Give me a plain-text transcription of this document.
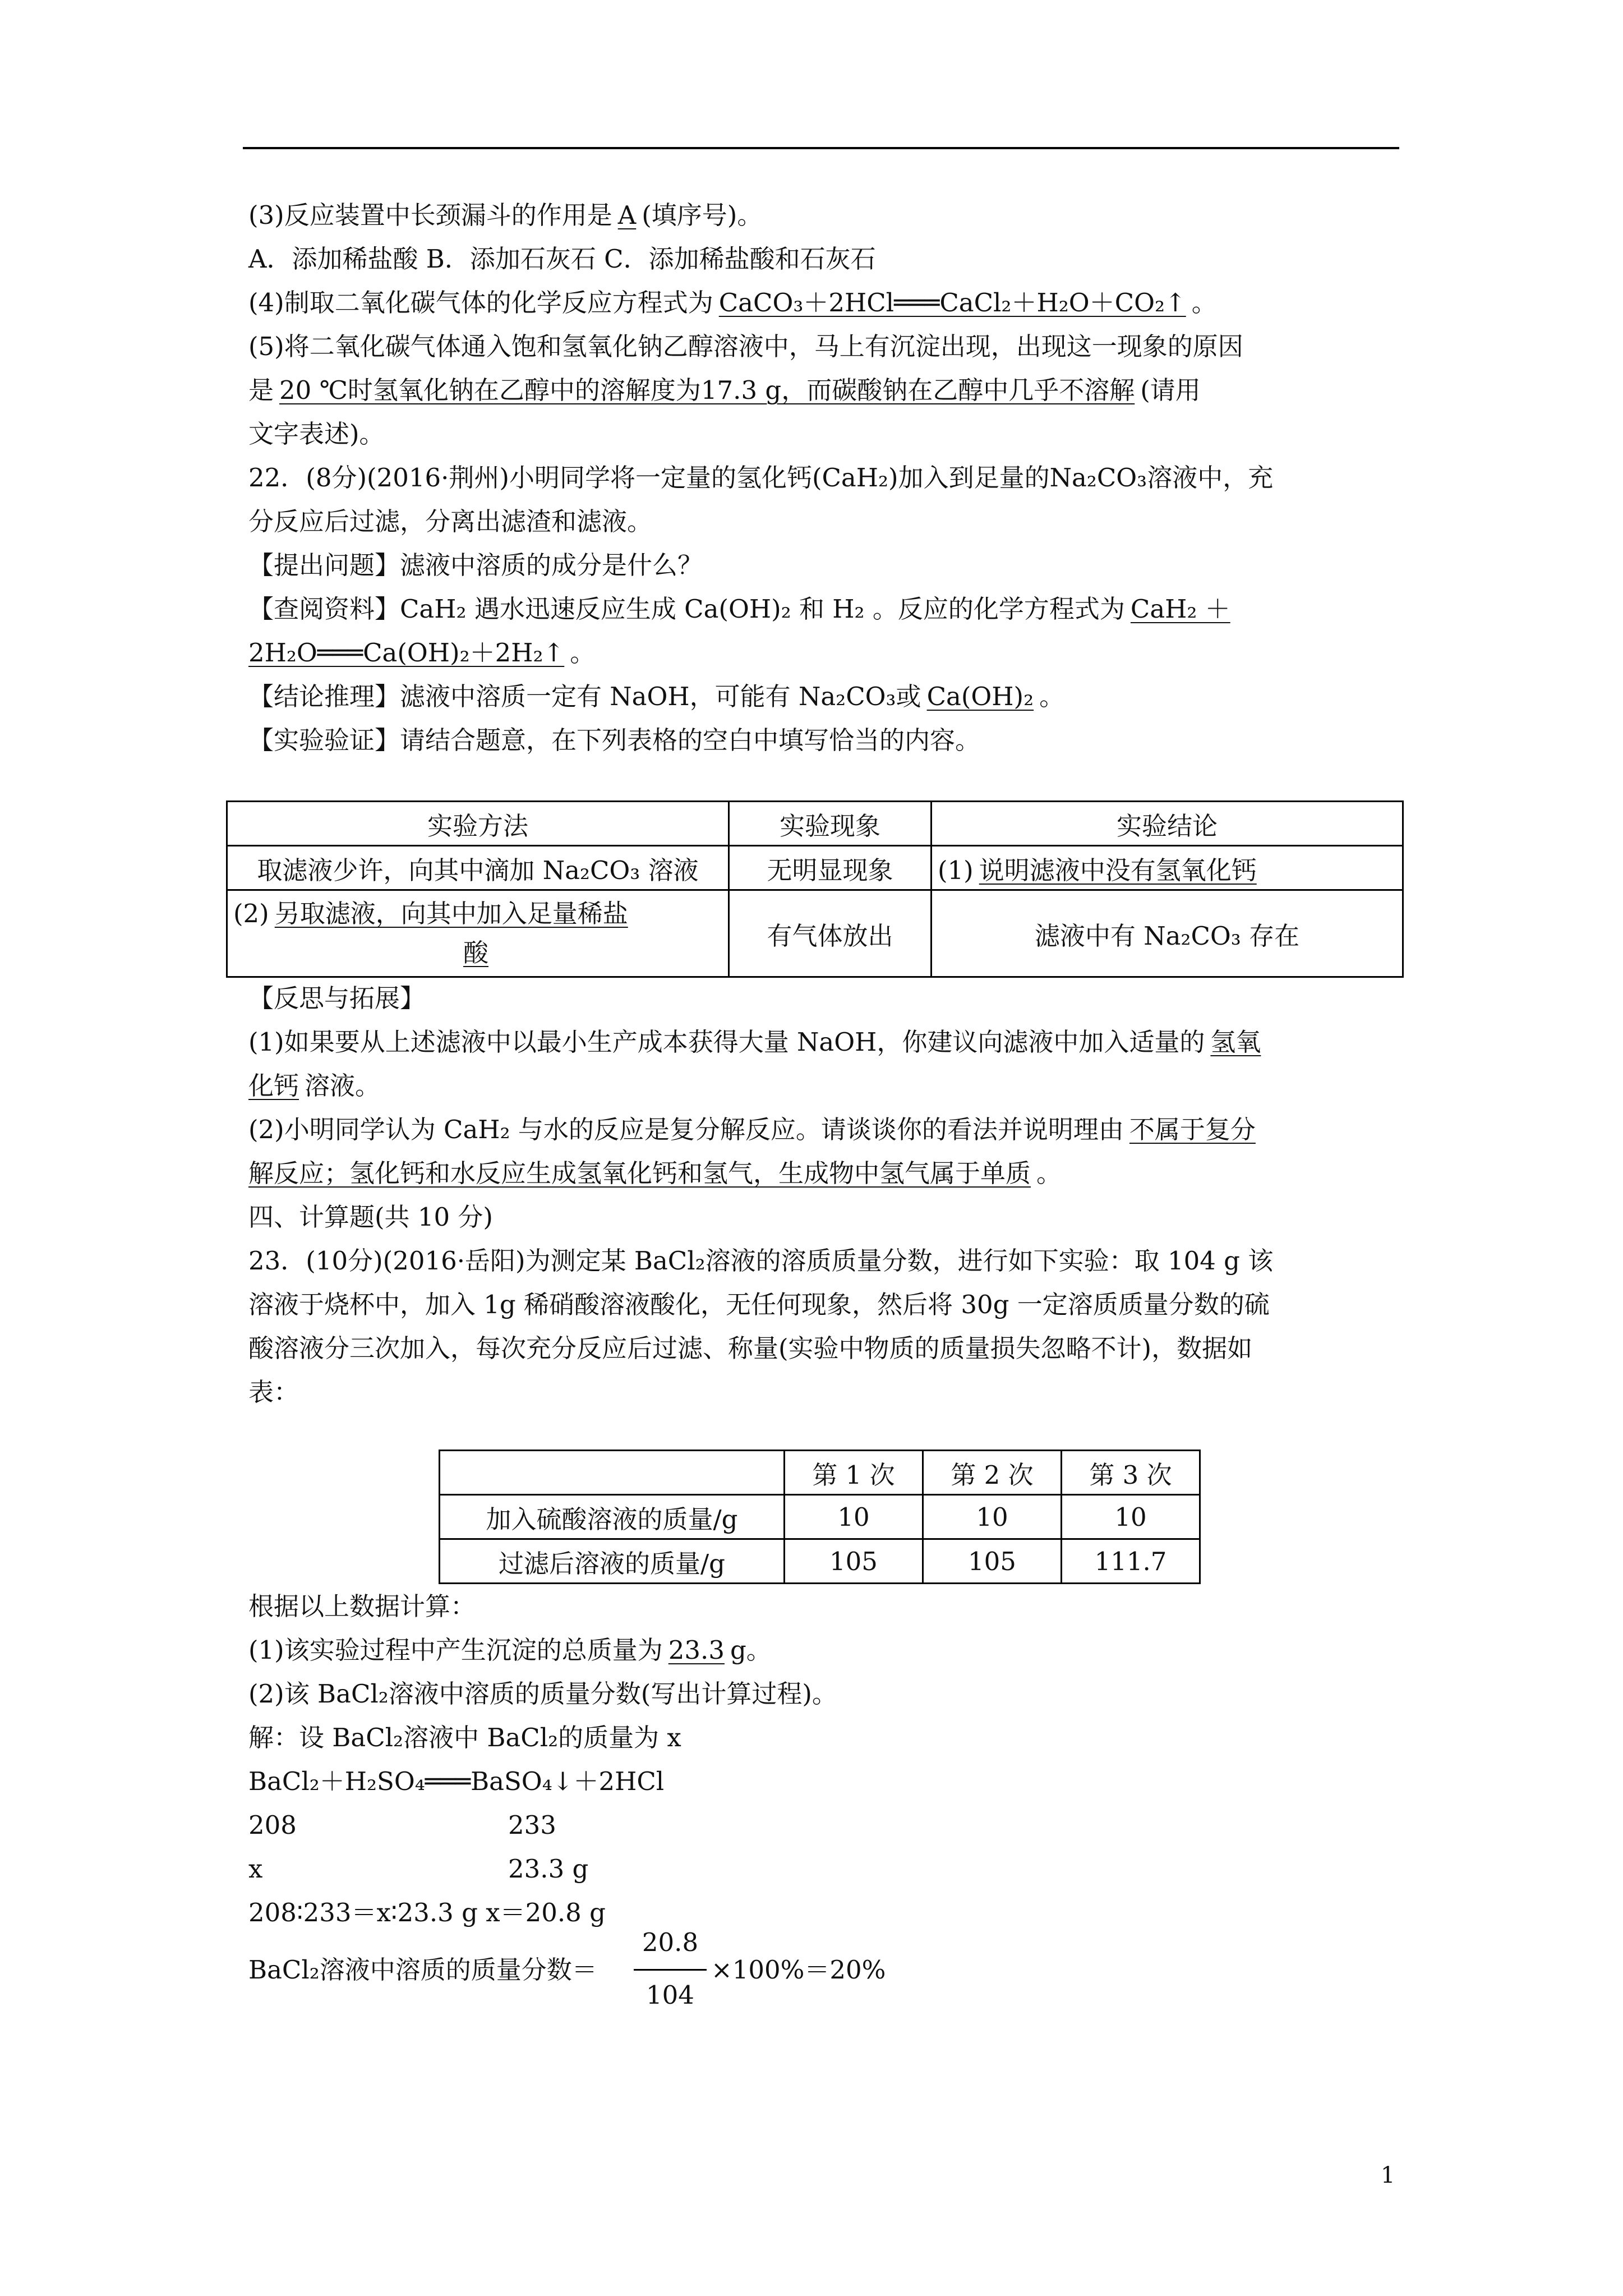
(3)反应装置中长颈漏斗的作用是 A (填序号)。
A．添加稀盐酸 B．添加石灰石 C．添加稀盐酸和石灰石
(4)制取二氧化碳气体的化学反应方程式为 CaCO₃＋2HCl═══CaCl₂＋H₂O＋CO₂↑ 。
(5)将二氧化碳气体通入饱和氢氧化钠乙醇溶液中，马上有沉淀出现，出现这一现象的原因
是 20 ℃时氢氧化钠在乙醇中的溶解度为17.3 g，而碳酸钠在乙醇中几乎不溶解 (请用
文字表述)。
22．(8分)(2016·荆州)小明同学将一定量的氢化钙(CaH₂)加入到足量的Na₂CO₃溶液中，充
分反应后过滤，分离出滤渣和滤液。
【提出问题】滤液中溶质的成分是什么？
【查阅资料】CaH₂ 遇水迅速反应生成 Ca(OH)₂ 和 H₂ 。反应的化学方程式为 CaH₂ ＋
2H₂O═══Ca(OH)₂＋2H₂↑ 。
【结论推理】滤液中溶质一定有 NaOH，可能有 Na₂CO₃或 Ca(OH)₂ 。
【实验验证】请结合题意，在下列表格的空白中填写恰当的内容。
实验方法	实验现象	实验结论
取滤液少许，向其中滴加 Na₂CO₃ 溶液	无明显现象	(1) 说明滤液中没有氢氧化钙
(2) 另取滤液，向其中加入足量稀盐
酸	有气体放出	滤液中有 Na₂CO₃ 存在
【反思与拓展】
(1)如果要从上述滤液中以最小生产成本获得大量 NaOH，你建议向滤液中加入适量的 氢氧
化钙 溶液。
(2)小明同学认为 CaH₂ 与水的反应是复分解反应。请谈谈你的看法并说明理由 不属于复分
解反应；氢化钙和水反应生成氢氧化钙和氢气，生成物中氢气属于单质 。
四、计算题(共 10 分)
23．(10分)(2016·岳阳)为测定某 BaCl₂溶液的溶质质量分数，进行如下实验：取 104 g 该
溶液于烧杯中，加入 1g 稀硝酸溶液酸化，无任何现象，然后将 30g 一定溶质质量分数的硫
酸溶液分三次加入，每次充分反应后过滤、称量(实验中物质的质量损失忽略不计)，数据如
表：
	第 1 次	第 2 次	第 3 次
加入硫酸溶液的质量/g	10	10	10
过滤后溶液的质量/g	105	105	111.7
根据以上数据计算：
(1)该实验过程中产生沉淀的总质量为 23.3 g。
(2)该 BaCl₂溶液中溶质的质量分数(写出计算过程)。
解：设 BaCl₂溶液中 BaCl₂的质量为 x
BaCl₂＋H₂SO₄═══BaSO₄↓＋2HCl
208	233
x	23.3 g
208∶233＝x∶23.3 g x＝20.8 g
BaCl₂溶液中溶质的质量分数＝
20.8
104
×100%＝20%
1
